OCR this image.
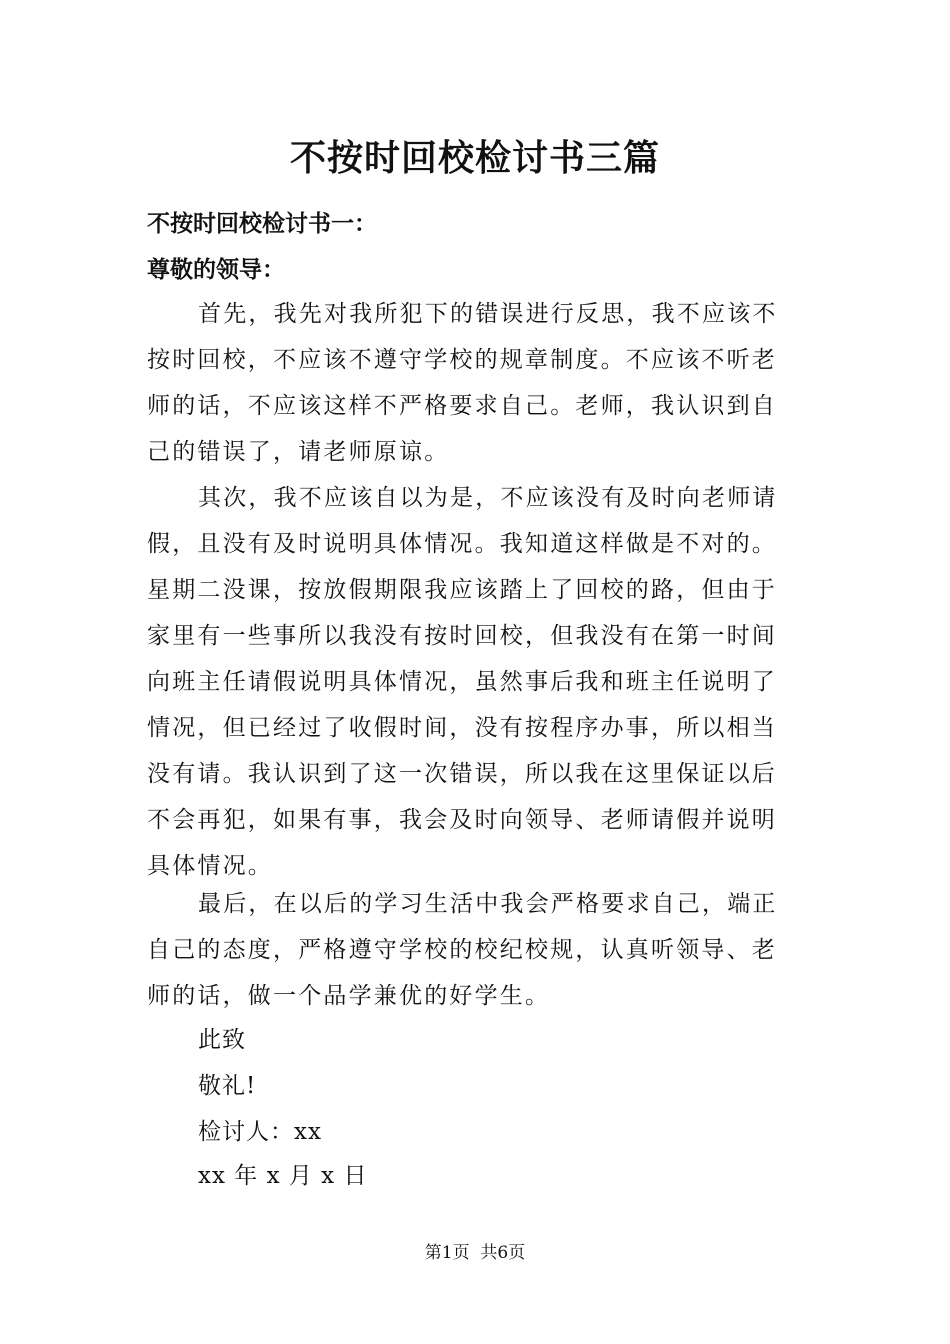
不按时回校检讨书三篇
不按时回校检讨书一：
尊敬的领导：
首先，我先对我所犯下的错误进行反思，我不应该不
按时回校，不应该不遵守学校的规章制度。不应该不听老
师的话，不应该这样不严格要求自己。老师，我认识到自
己的错误了，请老师原谅。
其次，我不应该自以为是，不应该没有及时向老师请
假，且没有及时说明具体情况。我知道这样做是不对的。
星期二没课，按放假期限我应该踏上了回校的路，但由于
家里有一些事所以我没有按时回校，但我没有在第一时间
向班主任请假说明具体情况，虽然事后我和班主任说明了
情况，但已经过了收假时间，没有按程序办事，所以相当
没有请。我认识到了这一次错误，所以我在这里保证以后
不会再犯，如果有事，我会及时向领导、老师请假并说明
具体情况。
最后，在以后的学习生活中我会严格要求自己，端正
自己的态度，严格遵守学校的校纪校规，认真听领导、老
师的话，做一个品学兼优的好学生。
此致
敬礼!
检讨人：xx
xx 年 x 月 x 日
第1页  共6页
